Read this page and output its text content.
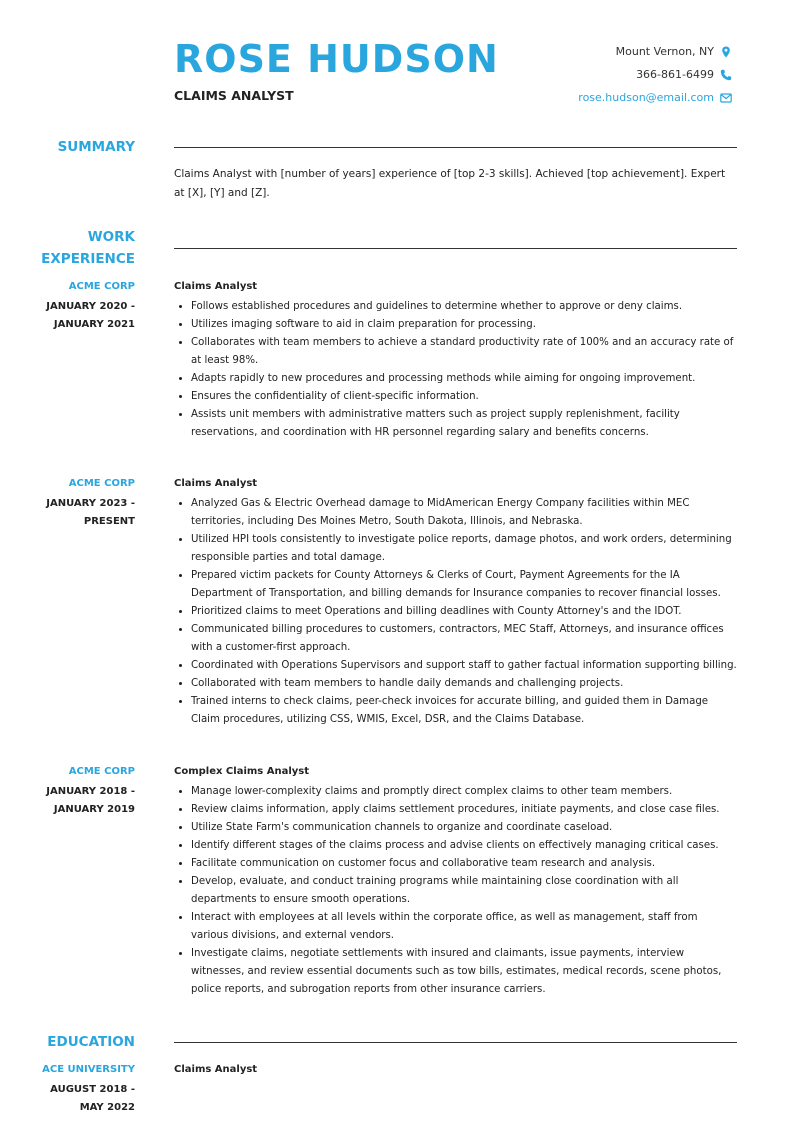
ROSE HUDSON
CLAIMS ANALYST
Mount Vernon, NY
366-861-6499
rose.hudson@email.com
SUMMARY

Claims Analyst with [number of years] experience of [top 2-3 skills]. Achieved [top achievement]. Expert at [X], [Y] and [Z].

WORK
EXPERIENCE
ACME CORP
JANUARY 2020 -
JANUARY 2021
Claims Analyst
• Follows established procedures and guidelines to determine whether to approve or deny claims.
• Utilizes imaging software to aid in claim preparation for processing.
• Collaborates with team members to achieve a standard productivity rate of 100% and an accuracy rate of at least 98%.
• Adapts rapidly to new procedures and processing methods while aiming for ongoing improvement.
• Ensures the confidentiality of client-specific information.
• Assists unit members with administrative matters such as project supply replenishment, facility reservations, and coordination with HR personnel regarding salary and benefits concerns.
ACME CORP
JANUARY 2023 -
PRESENT
Claims Analyst
• Analyzed Gas & Electric Overhead damage to MidAmerican Energy Company facilities within MEC territories, including Des Moines Metro, South Dakota, Illinois, and Nebraska.
• Utilized HPI tools consistently to investigate police reports, damage photos, and work orders, determining responsible parties and total damage.
• Prepared victim packets for County Attorneys & Clerks of Court, Payment Agreements for the IA Department of Transportation, and billing demands for Insurance companies to recover financial losses.
• Prioritized claims to meet Operations and billing deadlines with County Attorney's and the IDOT.
• Communicated billing procedures to customers, contractors, MEC Staff, Attorneys, and insurance offices with a customer-first approach.
• Coordinated with Operations Supervisors and support staff to gather factual information supporting billing.
• Collaborated with team members to handle daily demands and challenging projects.
• Trained interns to check claims, peer-check invoices for accurate billing, and guided them in Damage Claim procedures, utilizing CSS, WMIS, Excel, DSR, and the Claims Database.
ACME CORP
JANUARY 2018 -
JANUARY 2019
Complex Claims Analyst
• Manage lower-complexity claims and promptly direct complex claims to other team members.
• Review claims information, apply claims settlement procedures, initiate payments, and close case files.
• Utilize State Farm's communication channels to organize and coordinate caseload.
• Identify different stages of the claims process and advise clients on effectively managing critical cases.
• Facilitate communication on customer focus and collaborative team research and analysis.
• Develop, evaluate, and conduct training programs while maintaining close coordination with all departments to ensure smooth operations.
• Interact with employees at all levels within the corporate office, as well as management, staff from various divisions, and external vendors.
• Investigate claims, negotiate settlements with insured and claimants, issue payments, interview witnesses, and review essential documents such as tow bills, estimates, medical records, scene photos, police reports, and subrogation reports from other insurance carriers.
EDUCATION
ACE UNIVERSITY
AUGUST 2018 -
MAY 2022
Claims Analyst
